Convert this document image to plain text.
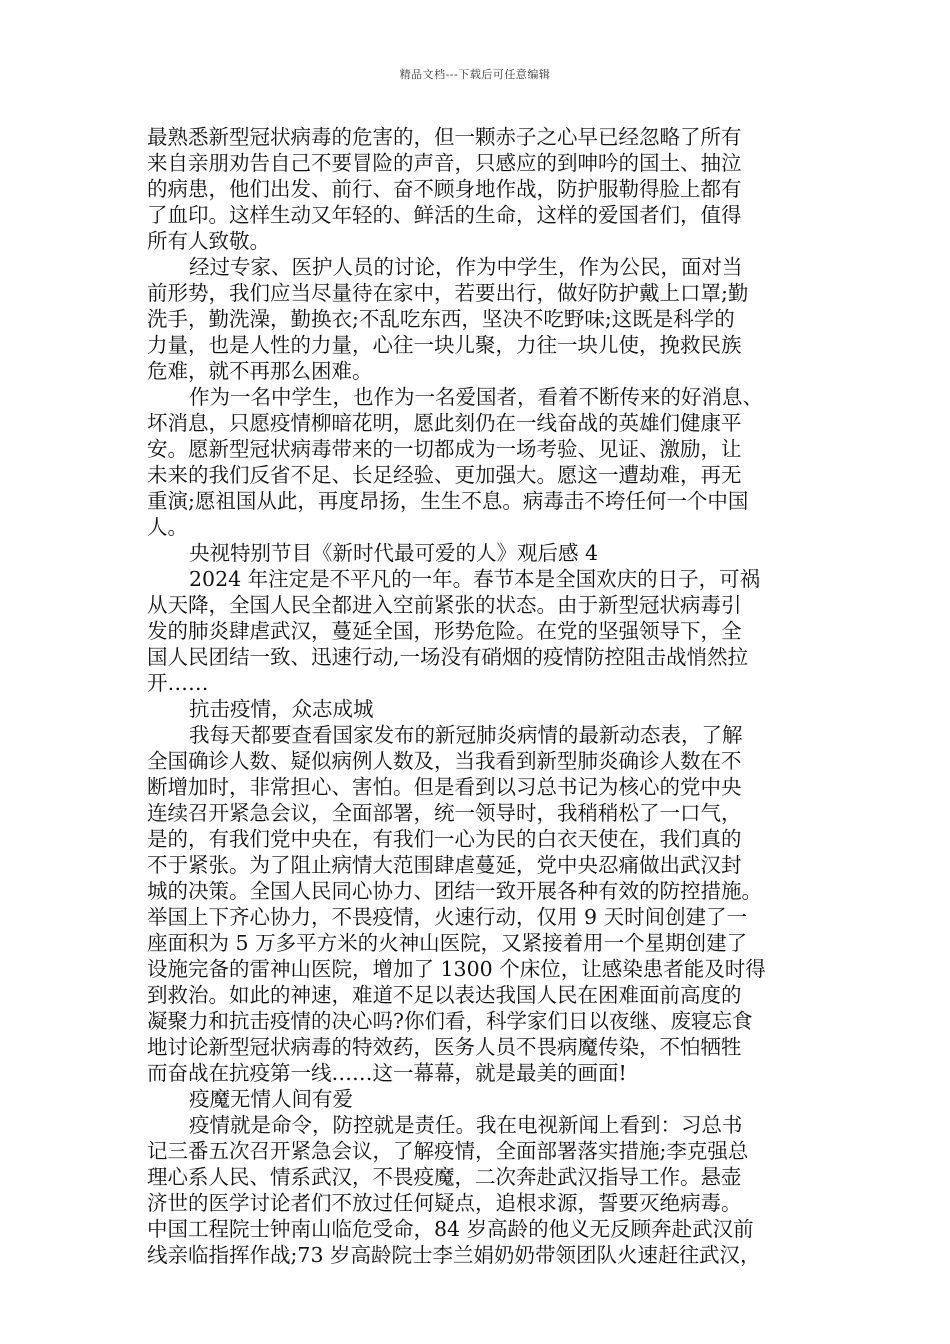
精品文档---下载后可任意编辑
最熟悉新型冠状病毒的危害的，但一颗赤子之心早已经忽略了所有
来自亲朋劝告自己不要冒险的声音，只感应的到呻吟的国土、抽泣
的病患，他们出发、前行、奋不顾身地作战，防护服勒得脸上都有
了血印。这样生动又年轻的、鲜活的生命，这样的爱国者们，值得
所有人致敬。
经过专家、医护人员的讨论，作为中学生，作为公民，面对当
前形势，我们应当尽量待在家中，若要出行，做好防护戴上口罩;勤
洗手，勤洗澡，勤换衣;不乱吃东西，坚决不吃野味;这既是科学的
力量，也是人性的力量，心往一块儿聚，力往一块儿使，挽救民族
危难，就不再那么困难。
作为一名中学生，也作为一名爱国者，看着不断传来的好消息、
坏消息，只愿疫情柳暗花明，愿此刻仍在一线奋战的英雄们健康平
安。愿新型冠状病毒带来的一切都成为一场考验、见证、激励，让
未来的我们反省不足、长足经验、更加强大。愿这一遭劫难，再无
重演;愿祖国从此，再度昂扬，生生不息。病毒击不垮任何一个中国
人。
央视特别节目《新时代最可爱的人》观后感 4
2024 年注定是不平凡的一年。春节本是全国欢庆的日子，可祸
从天降，全国人民全都进入空前紧张的状态。由于新型冠状病毒引
发的肺炎肆虐武汉，蔓延全国，形势危险。在党的坚强领导下，全
国人民团结一致、迅速行动,一场没有硝烟的疫情防控阻击战悄然拉
开……
抗击疫情，众志成城
我每天都要查看国家发布的新冠肺炎病情的最新动态表，了解
全国确诊人数、疑似病例人数及，当我看到新型肺炎确诊人数在不
断增加时，非常担心、害怕。但是看到以习总书记为核心的党中央
连续召开紧急会议，全面部署，统一领导时，我稍稍松了一口气，
是的，有我们党中央在，有我们一心为民的白衣天使在，我们真的
不于紧张。为了阻止病情大范围肆虐蔓延，党中央忍痛做出武汉封
城的决策。全国人民同心协力、团结一致开展各种有效的防控措施。
举国上下齐心协力，不畏疫情，火速行动，仅用 9 天时间创建了一
座面积为 5 万多平方米的火神山医院，又紧接着用一个星期创建了
设施完备的雷神山医院，增加了 1300 个床位，让感染患者能及时得
到救治。如此的神速，难道不足以表达我国人民在困难面前高度的
凝聚力和抗击疫情的决心吗?你们看，科学家们日以夜继、废寝忘食
地讨论新型冠状病毒的特效药，医务人员不畏病魔传染，不怕牺牲
而奋战在抗疫第一线……这一幕幕，就是最美的画面!
疫魔无情人间有爱
疫情就是命令，防控就是责任。我在电视新闻上看到：习总书
记三番五次召开紧急会议，了解疫情，全面部署落实措施;李克强总
理心系人民、情系武汉，不畏疫魔，二次奔赴武汉指导工作。悬壶
济世的医学讨论者们不放过任何疑点，追根求源，誓要灭绝病毒。
中国工程院士钟南山临危受命，84 岁高龄的他义无反顾奔赴武汉前
线亲临指挥作战;73 岁高龄院士李兰娟奶奶带领团队火速赶往武汉，
